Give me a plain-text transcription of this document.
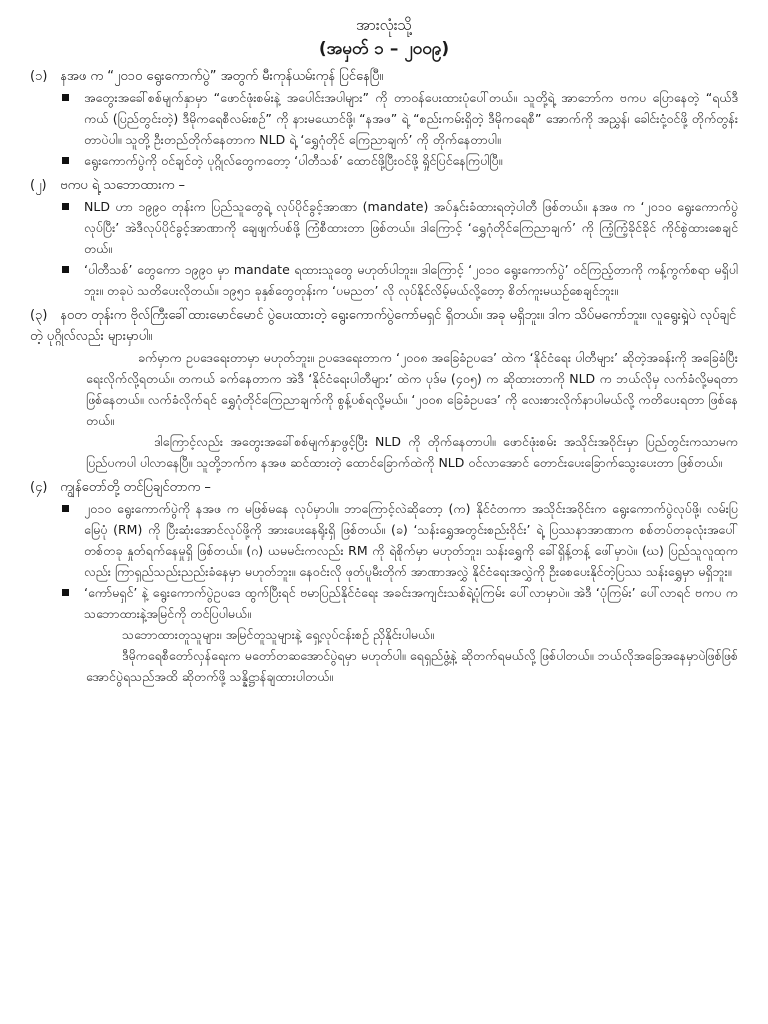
အားလုံးသို့
(အမှတ် ၁ – ၂၀၀၉)
(၁) နအဖ က “၂၀၁၀ ရွေးကောက်ပွဲ” အတွက် မီးကုန်ယမ်းကုန် ပြင်နေပြီ။
အတွေးအခေါ်စစ်မျက်နှာမှာ “ဖောင်ဖုံးစမ်းနဲ့ အပေါင်းအပါများ” ကို တာဝန်ပေးထားပုံပေါ်တယ်။ သူတို့ရဲ့ အာဘော်က ဗကပ ပြောနေတဲ့ “ရယ်ဒီကယ် (ပြည်တွင်းတဲ့) ဒီမိုကရေစီလမ်းစဉ်” ကို နားမယောင်ဖို့၊ “နအဖ” ရဲ့ “စည်းကမ်းရှိတဲ့ ဒီမိုကရေစီ” အောက်ကို အညွှန်၊ ခေါင်းငုံ့ဝင်ဖို့ တိုက်တွန်းတာပဲပါ။ သူတို့ ဦးတည်တိုက်နေတာက NLD ရဲ့ ‘ရွှေဂုံတိုင် ကြေညာချက်’ ကို တိုက်နေတာပါ။
ရွေးကောက်ပွဲကို ဝင်ချင်တဲ့ ပုဂ္ဂိုလ်တွေကတော့ ‘ပါတီသစ်’ ထောင်ဖို့ပြီးဝင်ဖို့ ရှိုင်ပြင်နေကြပါပြီ။
(၂) ဗကပ ရဲ့ သဘောထားက –
NLD ဟာ ၁၉၉၀ တုန်းက ပြည်သူတွေရဲ့ လုပ်ပိုင်ခွင့်အာဏာ (mandate) အပ်နှင်းခံထားရတဲ့ပါတီ ဖြစ်တယ်။ နအဖ က ‘၂၀၁၀ ရွေးကောက်ပွဲလုပ်ပြီး’ အဲဒီလုပ်ပိုင်ခွင့်အာဏာကို ချေဖျက်ပစ်ဖို့ ကြံစီထားတာ ဖြစ်တယ်။ ဒါကြောင့် ‘ရွှေဂုံတိုင်ကြေညာချက်’ ကို ကြံ့ကြံ့ခိုင်ခိုင် ကိုင်စွဲထားစေချင်တယ်။
‘ပါတီသစ်’ တွေကော ၁၉၉၀ မှာ mandate ရထားသူတွေ မဟုတ်ပါဘူး။ ဒါကြောင့် ‘၂၀၁၀ ရွေးကောက်ပွဲ’ ဝင်ကြည့်တာကို ကန့်ကွက်စရာ မရှိပါဘူး။ တခုပဲ သတိပေးလိုတယ်။ ၁၉၅၁ ခုနှစ်တွေတုန်းက ‘ပမညတ’ လို လုပ်နိုင်လိမ့်မယ်လို့တော့ စိတ်ကူးမယဉ်စေချင်ဘူး။
(၃) နဝတ တုန်းက ဗိုလ်ကြီးခေါ်ထားမောင်မောင် ပွဲပေးထားတဲ့ ရွေးကောက်ပွဲကော်မရှင် ရှိတယ်။ အခု မရှိဘူး။ ဒါက သိပ်မကော်ဘူး။ လူရွေးရှဲ့ပဲ လုပ်ချင်တဲ့ ပုဂ္ဂိုလ်လည်း များမှာပါ။
ခက်မှာက ဥပဒေရေးတာမှာ မဟုတ်ဘူး။ ဥပဒေရေးတာက ‘၂၀၀၈ အခြေခံဥပဒေ’ ထဲက ‘နိုင်ငံရေး ပါတီများ’ ဆိုတဲ့အခန်းကို အခြေခံပြီး ရေးလိုက်လို့ရတယ်။ တကယ် ခက်နေတာက အဲဒီ ‘နိုင်ငံရေးပါတီများ’ ထဲက ပုဒ်မ (၄၀၅) က ဆိုထားတာကို NLD က ဘယ်လိုမှ လက်ခံလို့မရတာ ဖြစ်နေတယ်။ လက်ခံလိုက်ရင် ရွှေဂုံတိုင်ကြေညာချက်ကို စွန့်ပစ်ရလို့မယ်။ ‘၂၀၀၈ ခြေခံဥပဒေ’ ကို လေးစားလိုက်နာပါမယ်လို့ ကတိပေးရတာ ဖြစ်နေတယ်။
ဒါကြောင့်လည်း အတွေးအခေါ်စစ်မျက်နှာဖွင့်ပြီး NLD ကို တိုက်နေတာပါ။ ဖောင်ဖုံးစမ်း အသိုင်းအဝိုင်းမှာ ပြည်တွင်းကသာမက ပြည်ပကပါ ပါလာနေပြီ။ သူတို့ဘက်က နအဖ ဆင်ထားတဲ့ ထောင်ခြောက်ထဲကို NLD ဝင်လာအောင် တောင်းပေးခြောက်သွေးပေးတာ ဖြစ်တယ်။
(၄) ကျွန်တော်တို့ တင်ပြချင်တာက –
၂၀၁၀ ရွေးကောက်ပွဲကို နအဖ က မဖြစ်မနေ လုပ်မှာပါ။ ဘာကြောင့်လဲဆိုတော့ (က) နိုင်ငံတကာ အသိုင်းအဝိုင်းက ရွေးကောက်ပွဲလုပ်ဖို့၊ လမ်းပြမြေပုံ (RM) ကို ပြီးဆုံးအောင်လုပ်ဖို့ကို အားပေးနေရိုးရှိ ဖြစ်တယ်။ (ခ) ‘သန်းရွှေအတွင်းစည်းဝိုင်း’ ရဲ့ ပြဿနာအာဏာက စစ်တပ်တခုလုံးအပေါ် တစ်တခု နှုတ်ရက်နေမှုရှိ ဖြစ်တယ်။ (ဂ) ယမမင်းကလည်း RM ကို ရဲစိုက်မှာ မဟုတ်ဘူး၊ သန်းရွှေကို ခေါ်ရှိန့်တန့် ဖေါ်မှာပဲ။ (ဃ) ပြည်သူလူထုကလည်း ကြာရှည်သည်းညည်းခံနေမှာ မဟုတ်ဘူး။ နေဝင်းလို ဖုတ်ပူမီးတိုက် အာဏာအလွှဲ နိုင်ငံရေးအလွှဲကို ဦးစေပေးနိုင်တဲ့ပြဿ သန်းရွှေမှာ မရှိဘူး။
‘ကော်မရှင်’ နဲ့ ရွေးကောက်ပွဲဥပဒေ ထွက်ပြီးရင် ဗမာပြည်နိုင်ငံရေး အခင်းအကျင်းသစ်ရဲ့ပုံကြမ်း ပေါ်လာမှာပဲ။ အဲဒီ ‘ပုံကြမ်း’ ပေါ်လာရင် ဗကပ က သဘောထားနဲ့အမြင်ကို တင်ပြပါမယ်။
သဘောထားတူသူများ၊ အမြင်တူသူများနဲ့ ရှေ့လုပ်ငန်းစဉ် ညှိနိုင်းပါမယ်။
ဒီမိုကရေစီတော်လှန်ရေးက မတော်တဆအောင်ပွဲရမှာ မဟုတ်ပါ။ ရေရှည်ဖွံ့နဲ့ ဆိုတက်ရမယ်လို့ ဖြစ်ပါတယ်။ ဘယ်လိုအခြေအနေမှာပဲဖြစ်ဖြစ် အောင်ပွဲရသည်အထိ ဆိုတက်ဖို့ သန္နိဋ္ဌာန်ချထားပါတယ်။
